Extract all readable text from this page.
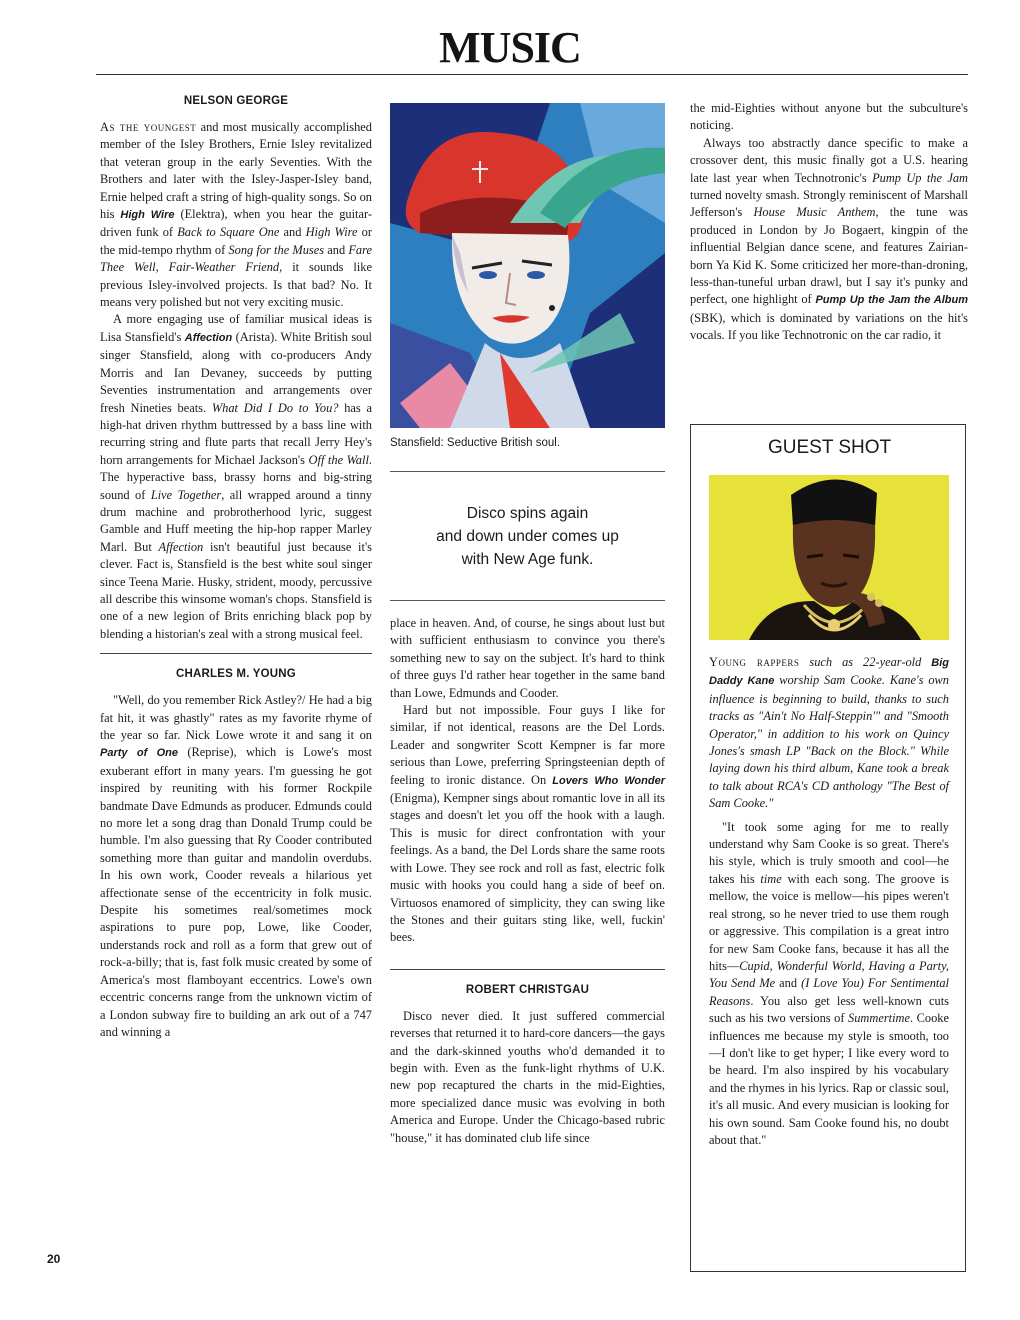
MUSIC
NELSON GEORGE

As the youngest and most musically accomplished member of the Isley Brothers, Ernie Isley revitalized that veteran group in the early Seventies. With the Brothers and later with the Isley-Jasper-Isley band, Ernie helped craft a string of high-quality songs. So on his High Wire (Elektra), when you hear the guitar-driven funk of Back to Square One and High Wire or the mid-tempo rhythm of Song for the Muses and Fare Thee Well, Fair-Weather Friend, it sounds like previous Isley-involved projects. Is that bad? No. It means very polished but not very exciting music.

A more engaging use of familiar musical ideas is Lisa Stansfield's Affection (Arista). White British soul singer Stansfield, along with co-producers Andy Morris and Ian Devaney, succeeds by putting Seventies instrumentation and arrangements over fresh Nineties beats. What Did I Do to You? has a high-hat driven rhythm buttressed by a bass line with recurring string and flute parts that recall Jerry Hey's horn arrangements for Michael Jackson's Off the Wall. The hyperactive bass, brassy horns and big-string sound of Live Together, all wrapped around a tinny drum machine and probrotherhood lyric, suggest Gamble and Huff meeting the hip-hop rapper Marley Marl. But Affection isn't beautiful just because it's clever. Fact is, Stansfield is the best white soul singer since Teena Marie. Husky, strident, moody, percussive all describe this winsome woman's chops. Stansfield is one of a new legion of Brits enriching black pop by blending a historian's zeal with a strong musical feel.

CHARLES M. YOUNG

"Well, do you remember Rick Astley?/ He had a big fat hit, it was ghastly" rates as my favorite rhyme of the year so far. Nick Lowe wrote it and sang it on Party of One (Reprise), which is Lowe's most exuberant effort in many years. I'm guessing he got inspired by reuniting with his former Rockpile bandmate Dave Edmunds as producer. Edmunds could no more let a song drag than Donald Trump could be humble. I'm also guessing that Ry Cooder contributed something more than guitar and mandolin overdubs. In his own work, Cooder reveals a hilarious yet affectionate sense of the eccentricity in folk music. Despite his sometimes real/sometimes mock aspirations to pure pop, Lowe, like Cooder, understands rock and roll as a form that grew out of rock-a-billy; that is, fast folk music created by some of America's most flamboyant eccentrics. Lowe's own eccentric concerns range from the unknown victim of a London subway fire to building an ark out of a 747 and winning a

Stansfield: Seductive British soul.

Disco spins again

and down under comes up

with New Age funk.

place in heaven. And, of course, he sings about lust but with sufficient enthusiasm to convince you there's something new to say on the subject. It's hard to think of three guys I'd rather hear together in the same band than Lowe, Edmunds and Cooder.

Hard but not impossible. Four guys I like for similar, if not identical, reasons are the Del Lords. Leader and songwriter Scott Kempner is far more serious than Lowe, preferring Springsteenian depth of feeling to ironic distance. On Lovers Who Wonder (Enigma), Kempner sings about romantic love in all its stages and doesn't let you off the hook with a laugh. This is music for direct confrontation with your feelings. As a band, the Del Lords share the same roots with Lowe. They see rock and roll as fast, electric folk music with hooks you could hang a side of beef on. Virtuosos enamored of simplicity, they can swing like the Stones and their guitars sting like, well, fuckin' bees.

ROBERT CHRISTGAU

Disco never died. It just suffered commercial reverses that returned it to hard-core dancers—the gays and the dark-skinned youths who'd demanded it to begin with. Even as the funk-light rhythms of U.K. new pop recaptured the charts in the mid-Eighties, more specialized dance music was evolving in both America and Europe. Under the Chicago-based rubric "house," it has dominated club life since

the mid-Eighties without anyone but the subculture's noticing.

Always too abstractly dance specific to make a crossover dent, this music finally got a U.S. hearing late last year when Technotronic's Pump Up the Jam turned novelty smash. Strongly reminiscent of Marshall Jefferson's House Music Anthem, the tune was produced in London by Jo Bogaert, kingpin of the influential Belgian dance scene, and features Zairian-born Ya Kid K. Some criticized her more-than-droning, less-than-tuneful urban drawl, but I say it's punky and perfect, one highlight of Pump Up the Jam the Album (SBK), which is dominated by variations on the hit's vocals. If you like Technotronic on the car radio, it

GUEST SHOT

Young rappers such as 22-year-old Big Daddy Kane worship Sam Cooke. Kane's own influence is beginning to build, thanks to such tracks as "Ain't No Half-Steppin'" and "Smooth Operator," in addition to his work on Quincy Jones's smash LP "Back on the Block." While laying down his third album, Kane took a break to talk about RCA's CD anthology "The Best of Sam Cooke."

"It took some aging for me to really understand why Sam Cooke is so great. There's his style, which is truly smooth and cool—he takes his time with each song. The groove is mellow, the voice is mellow—his pipes weren't real strong, so he never tried to use them rough or aggressive. This compilation is a great intro for new Sam Cooke fans, because it has all the hits—Cupid, Wonderful World, Having a Party, You Send Me and (I Love You) For Sentimental Reasons. You also get less well-known cuts such as his two versions of Summertime. Cooke influences me because my style is smooth, too—I don't like to get hyper; I like every word to be heard. I'm also inspired by his vocabulary and the rhymes in his lyrics. Rap or classic soul, it's all music. And every musician is looking for his own sound. Sam Cooke found his, no doubt about that."

20
